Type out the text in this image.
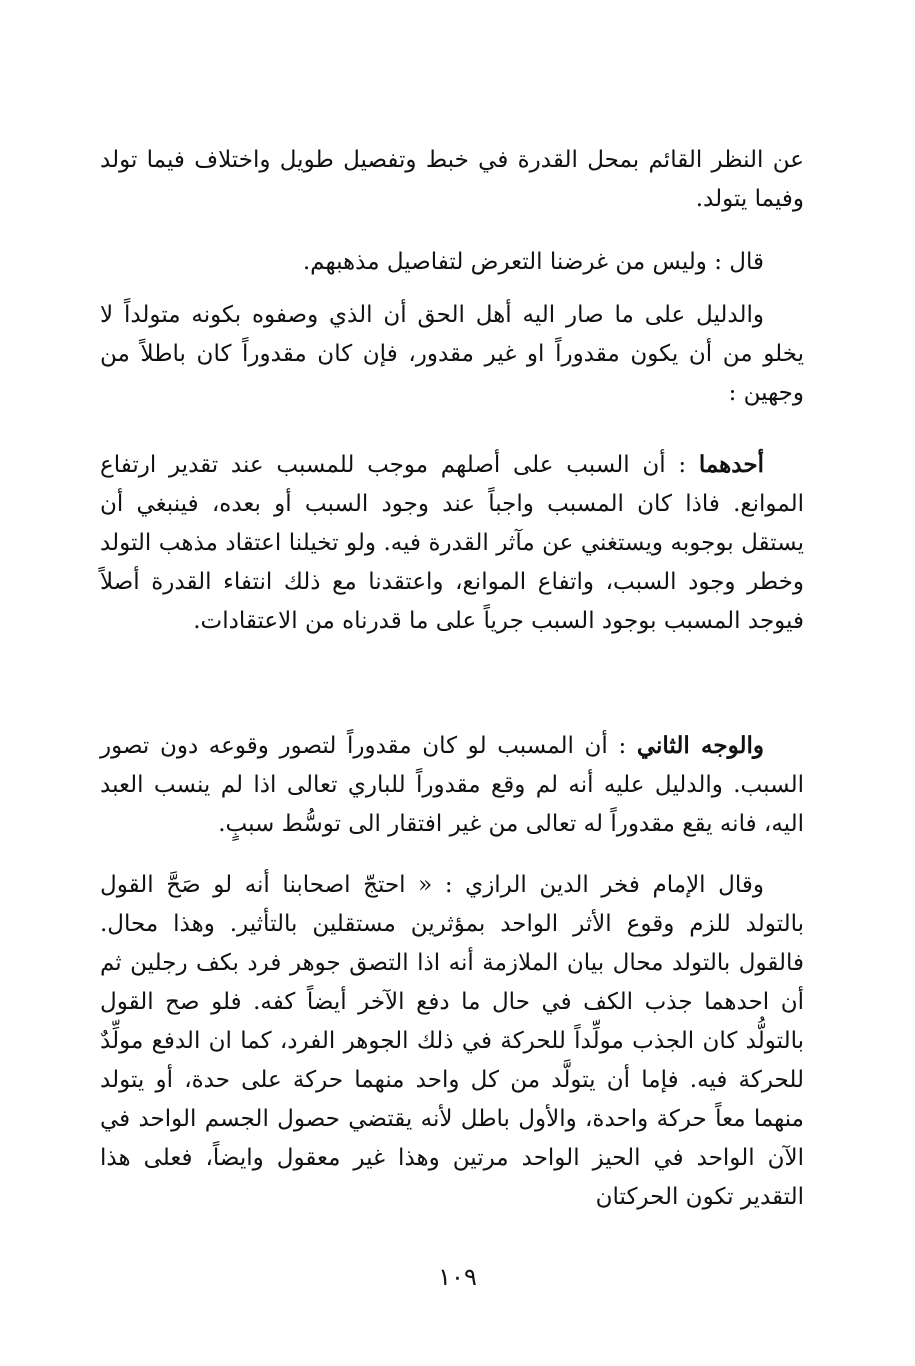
عن النظر القائم بمحل القدرة في خبط وتفصيل طويل واختلاف فيما تولد وفيما يتولد.

قال : وليس من غرضنا التعرض لتفاصيل مذهبهم.

والدليل على ما صار اليه أهل الحق أن الذي وصفوه بكونه متولداً لا يخلو من أن يكون مقدوراً او غير مقدور، فإن كان مقدوراً كان باطلاً من وجهين :

أحدهما : أن السبب على أصلهم موجب للمسبب عند تقدير ارتفاع الموانع. فاذا كان المسبب واجباً عند وجود السبب أو بعده، فينبغي أن يستقل بوجوبه ويستغني عن مآثر القدرة فيه. ولو تخيلنا اعتقاد مذهب التولد وخطر وجود السبب، واتفاع الموانع، واعتقدنا مع ذلك انتفاء القدرة أصلاً فيوجد المسبب بوجود السبب جرياً على ما قدرناه من الاعتقادات.

والوجه الثاني : أن المسبب لو كان مقدوراً لتصور وقوعه دون تصور السبب. والدليل عليه أنه لم وقع مقدوراً للباري تعالى اذا لم ينسب العبد اليه، فانه يقع مقدوراً له تعالى من غير افتقار الى توسُّط سببٍ.

وقال الإمام فخر الدين الرازي : « احتجّ اصحابنا أنه لو صَحَّ القول بالتولد للزم وقوع الأثر الواحد بمؤثرين مستقلين بالتأثير. وهذا محال. فالقول بالتولد محال بيان الملازمة أنه اذا التصق جوهر فرد بكف رجلين ثم أن احدهما جذب الكف في حال ما دفع الآخر أيضاً كفه. فلو صح القول بالتولُّد كان الجذب مولِّداً للحركة في ذلك الجوهر الفرد، كما ان الدفع مولِّدٌ للحركة فيه. فإما أن يتولَّد من كل واحد منهما حركة على حدة، أو يتولد منهما معاً حركة واحدة، والأول باطل لأنه يقتضي حصول الجسم الواحد في الآن الواحد في الحيز الواحد مرتين وهذا غير معقول وايضاً، فعلى هذا التقدير تكون الحركتان

١٠٩
